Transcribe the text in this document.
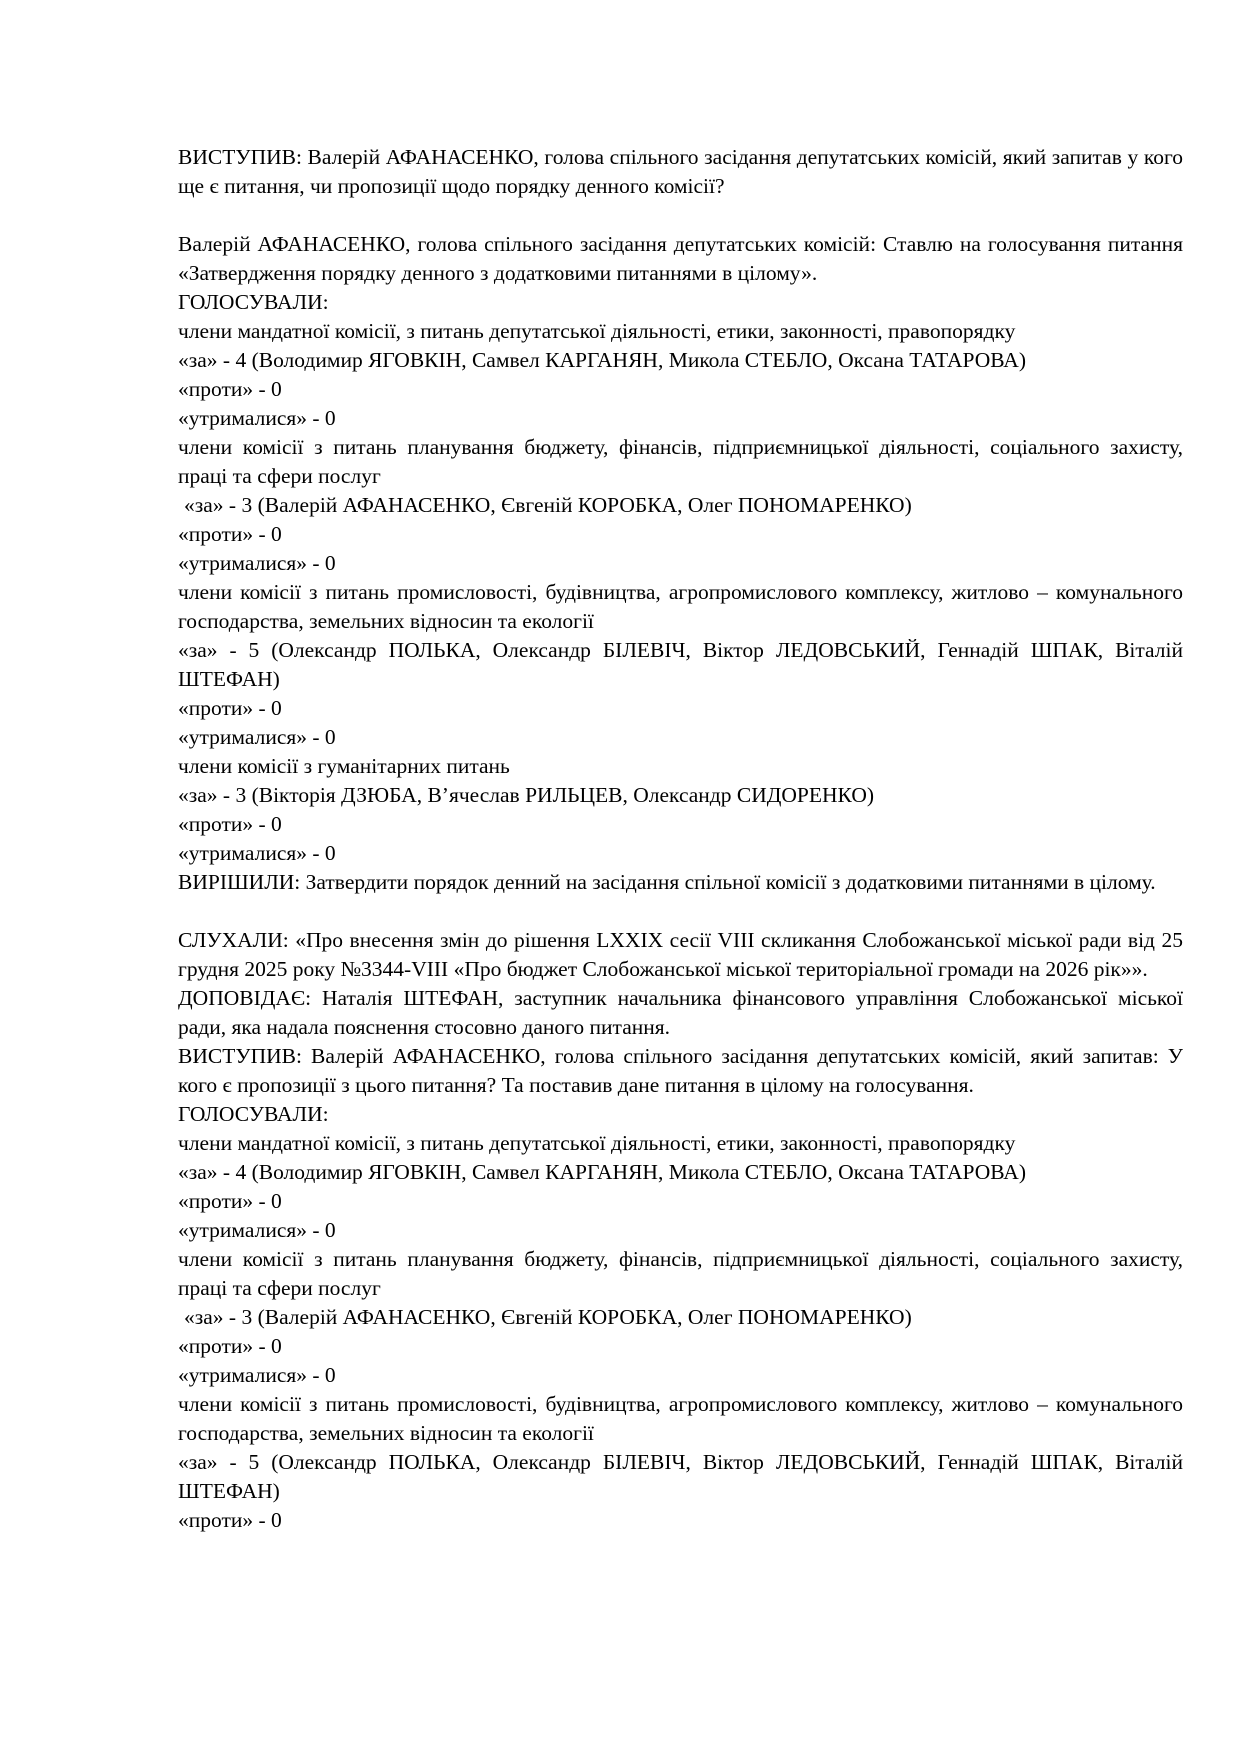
ВИСТУПИВ: Валерій АФАНАСЕНКО, голова спільного засідання депутатських комісій, який запитав у кого ще є питання, чи пропозиції щодо порядку денного комісії?

Валерій АФАНАСЕНКО, голова спільного засідання депутатських комісій: Ставлю на голосування питання «Затвердження порядку денного з додатковими питаннями в цілому».

ГОЛОСУВАЛИ:

члени мандатної комісії, з питань депутатської діяльності, етики, законності, правопорядку

«за» - 4 (Володимир ЯГОВКІН, Самвел КАРГАНЯН, Микола СТЕБЛО, Оксана ТАТАРОВА)

«проти» - 0

«утрималися» - 0

члени комісії з питань планування бюджету, фінансів, підприємницької діяльності, соціального захисту, праці та сфери послуг

«за» - 3 (Валерій АФАНАСЕНКО, Євгеній КОРОБКА, Олег ПОНОМАРЕНКО)

«проти» - 0

«утрималися» - 0

члени комісії з питань промисловості, будівництва, агропромислового комплексу, житлово – комунального господарства, земельних відносин та екології

«за» - 5 (Олександр ПОЛЬКА, Олександр БІЛЕВІЧ, Віктор ЛЕДОВСЬКИЙ, Геннадій ШПАК, Віталій ШТЕФАН)

«проти» - 0

«утрималися» - 0

члени комісії з гуманітарних питань

«за» - 3 (Вікторія ДЗЮБА, В’ячеслав РИЛЬЦЕВ, Олександр СИДОРЕНКО)

«проти» - 0

«утрималися» - 0

ВИРІШИЛИ: Затвердити порядок денний на засідання спільної комісії з додатковими питаннями в цілому.

СЛУХАЛИ: «Про внесення змін до рішення LXXIX сесії VIII скликання Слобожанської міської ради від 25 грудня 2025 року №3344-VIII «Про бюджет Слобожанської міської територіальної громади на 2026 рік»».

ДОПОВІДАЄ: Наталія ШТЕФАН, заступник начальника фінансового управління Слобожанської міської ради, яка надала пояснення стосовно даного питання.

ВИСТУПИВ: Валерій АФАНАСЕНКО, голова спільного засідання депутатських комісій, який запитав: У кого є пропозиції з цього питання? Та поставив дане питання в цілому на голосування.

ГОЛОСУВАЛИ:

члени мандатної комісії, з питань депутатської діяльності, етики, законності, правопорядку

«за» - 4 (Володимир ЯГОВКІН, Самвел КАРГАНЯН, Микола СТЕБЛО, Оксана ТАТАРОВА)

«проти» - 0

«утрималися» - 0

члени комісії з питань планування бюджету, фінансів, підприємницької діяльності, соціального захисту, праці та сфери послуг

«за» - 3 (Валерій АФАНАСЕНКО, Євгеній КОРОБКА, Олег ПОНОМАРЕНКО)

«проти» - 0

«утрималися» - 0

члени комісії з питань промисловості, будівництва, агропромислового комплексу, житлово – комунального господарства, земельних відносин та екології

«за» - 5 (Олександр ПОЛЬКА, Олександр БІЛЕВІЧ, Віктор ЛЕДОВСЬКИЙ, Геннадій ШПАК, Віталій ШТЕФАН)

«проти» - 0
